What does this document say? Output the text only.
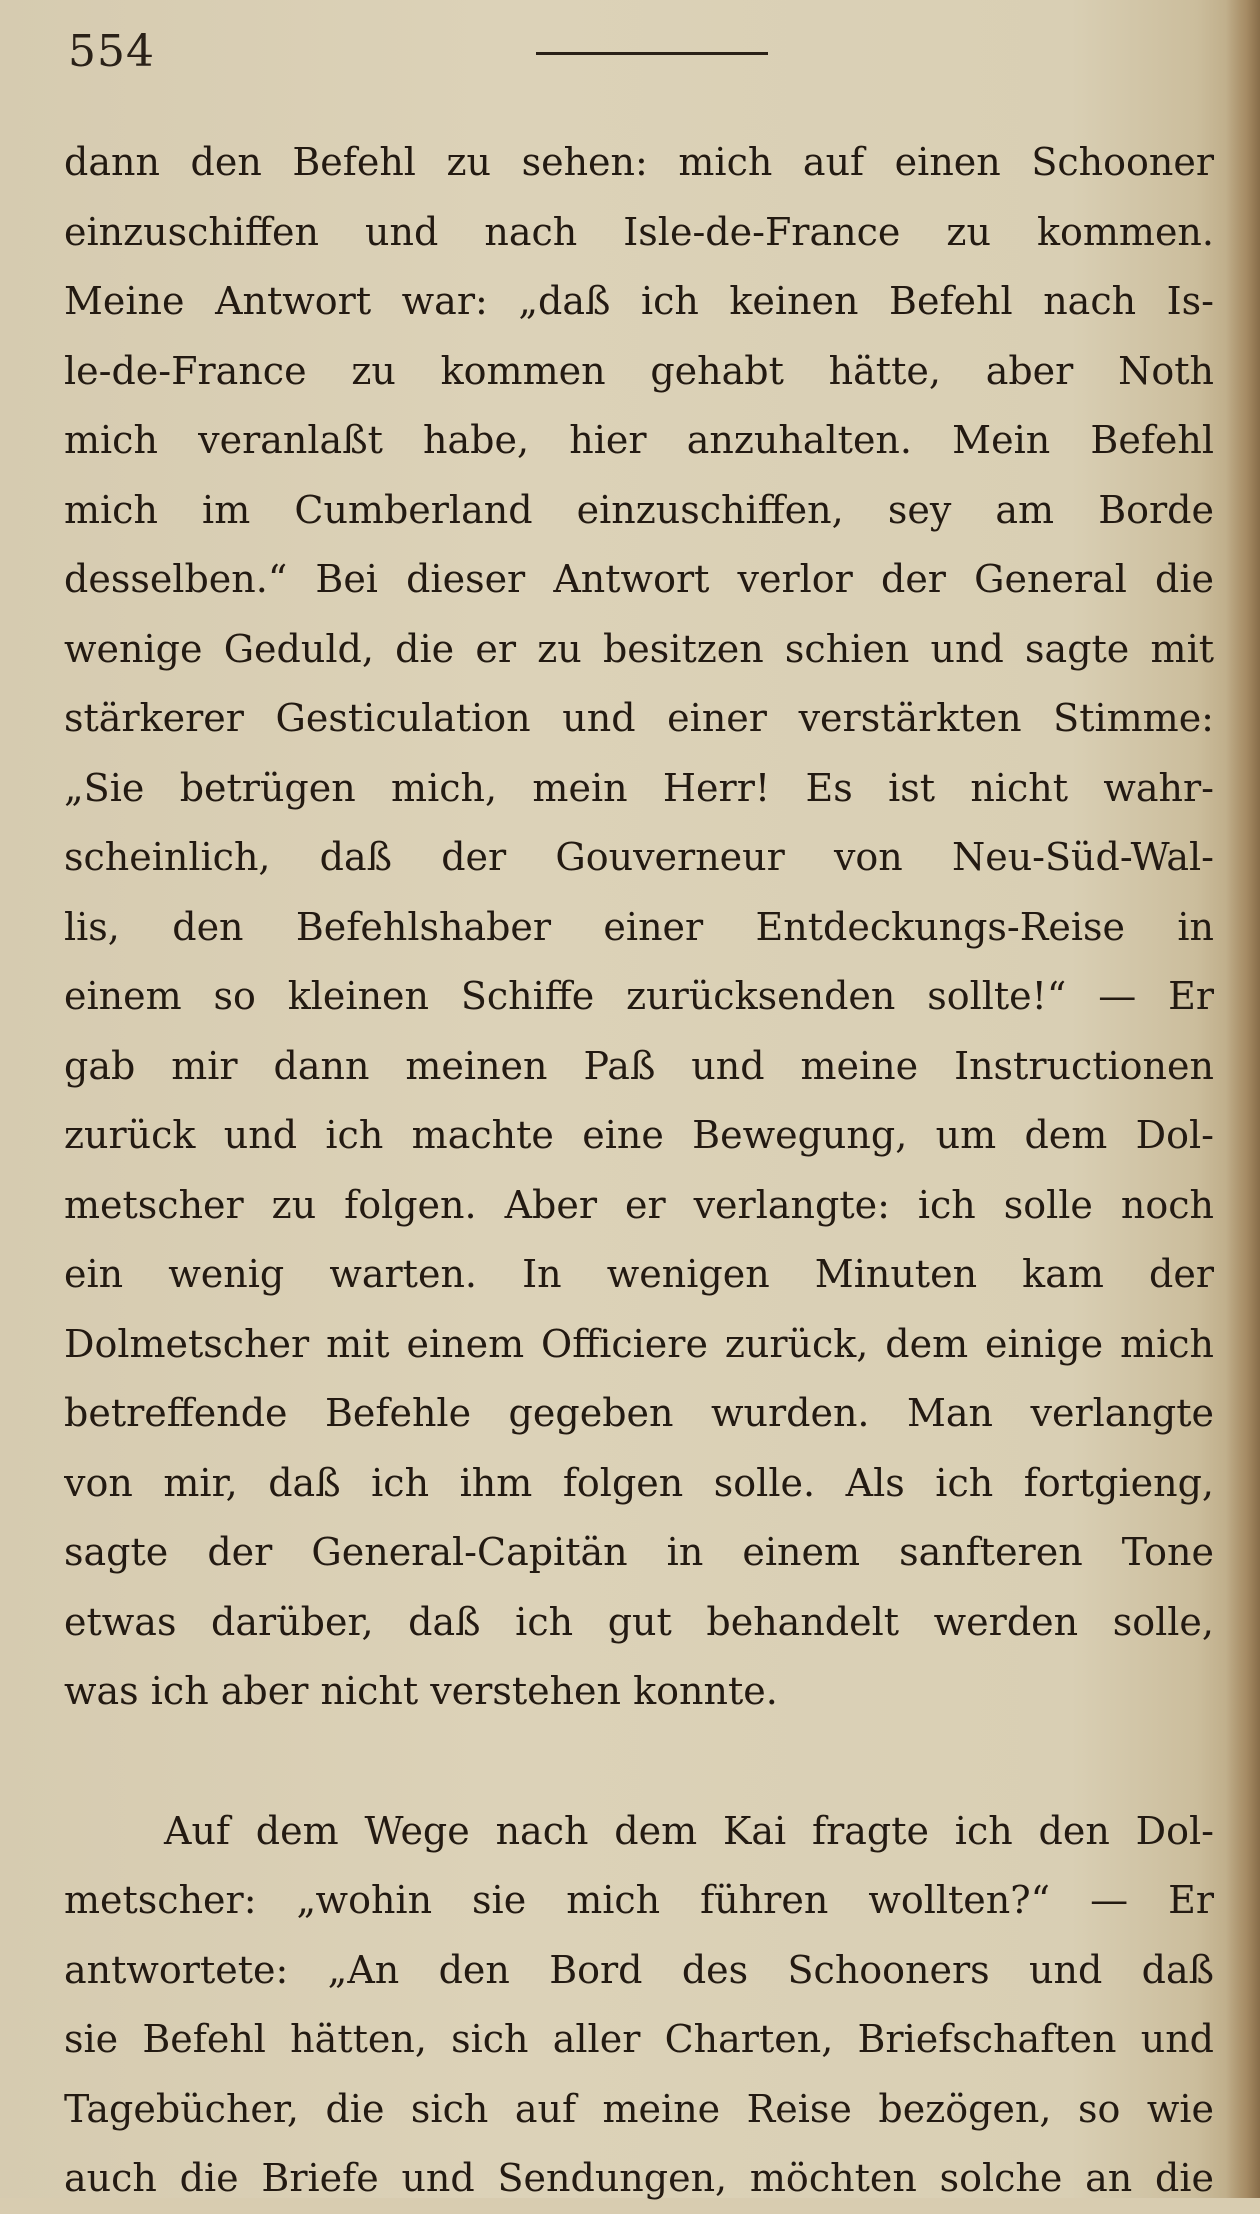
554
dann den Befehl zu sehen: mich auf einen Schooner
einzuschiffen und nach Isle-de-France zu kommen.
Meine Antwort war: „daß ich keinen Befehl nach Is-
le-de-France zu kommen gehabt hätte, aber Noth
mich veranlaßt habe, hier anzuhalten. Mein Befehl
mich im Cumberland einzuschiffen, sey am Borde
desselben.“ Bei dieser Antwort verlor der General die
wenige Geduld, die er zu besitzen schien und sagte mit
stärkerer Gesticulation und einer verstärkten Stimme:
„Sie betrügen mich, mein Herr! Es ist nicht wahr-
scheinlich, daß der Gouverneur von Neu-Süd-Wal-
lis, den Befehlshaber einer Entdeckungs-Reise in
einem so kleinen Schiffe zurücksenden sollte!“ — Er
gab mir dann meinen Paß und meine Instructionen
zurück und ich machte eine Bewegung, um dem Dol-
metscher zu folgen. Aber er verlangte: ich solle noch
ein wenig warten. In wenigen Minuten kam der
Dolmetscher mit einem Officiere zurück, dem einige mich
betreffende Befehle gegeben wurden. Man verlangte
von mir, daß ich ihm folgen solle. Als ich fortgieng,
sagte der General-Capitän in einem sanfteren Tone
etwas darüber, daß ich gut behandelt werden solle,
was ich aber nicht verstehen konnte.
Auf dem Wege nach dem Kai fragte ich den Dol-
metscher: „wohin sie mich führen wollten?“ — Er
antwortete: „An den Bord des Schooners und daß
sie Befehl hätten, sich aller Charten, Briefschaften und
Tagebücher, die sich auf meine Reise bezögen, so wie
auch die Briefe und Sendungen, möchten solche an die
